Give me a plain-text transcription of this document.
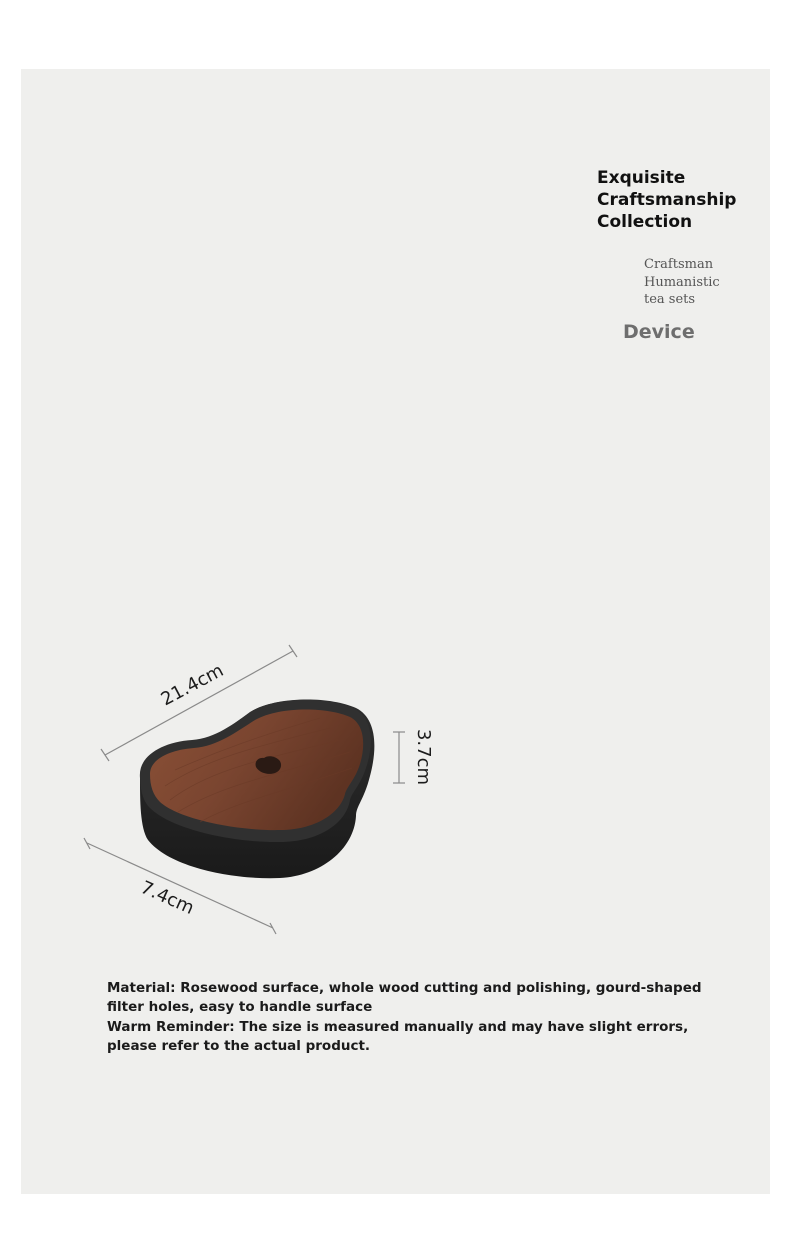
Exquisite
Craftsmanship
Collection
Craftsman
Humanistic
tea sets
Device
21.4cm
3.7cm
7.4cm

Material: Rosewood surface, whole wood cutting and polishing, gourd-shaped filter holes, easy to handle surface

Warm Reminder: The size is measured manually and may have slight errors, please refer to the actual product.
